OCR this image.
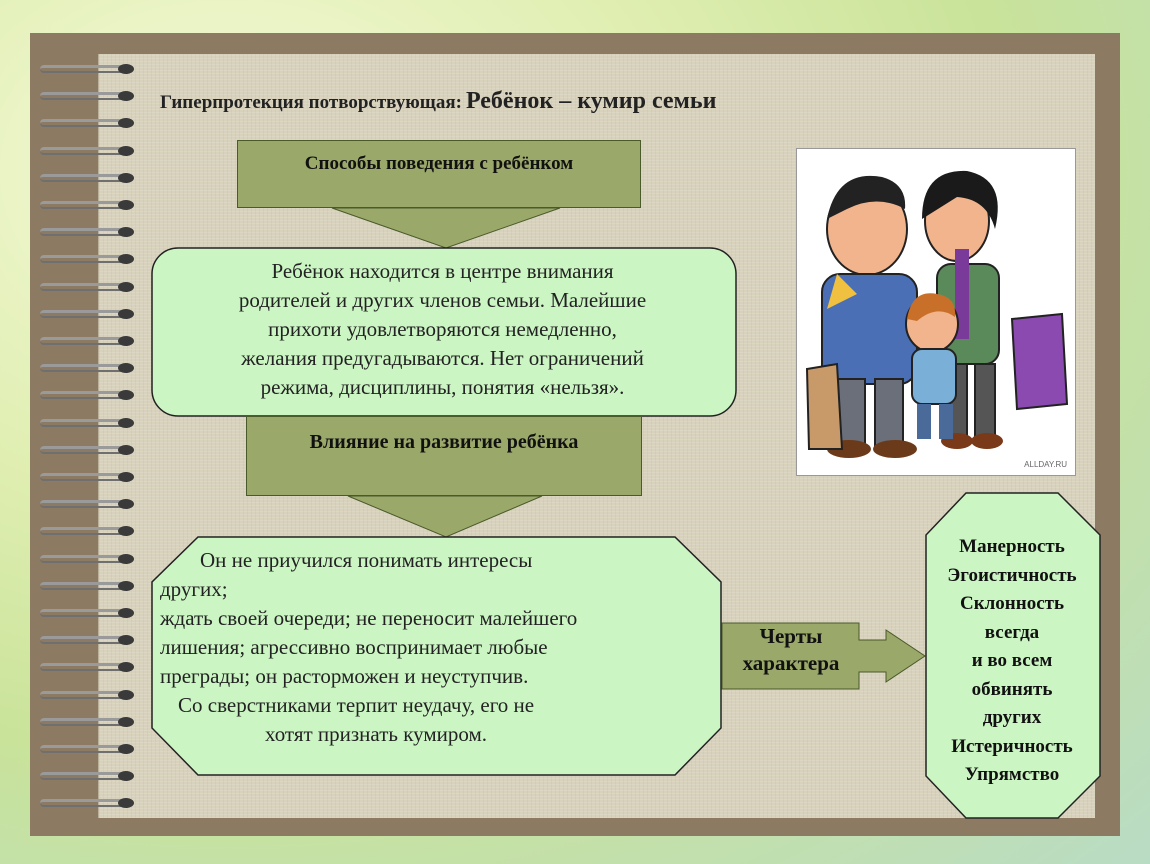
Гиперпротекция потворствующая: Ребёнок – кумир семьи
Способы поведения с ребёнком
Влияние на развитие ребёнка
Ребёнок находится в центре внимания
родителей и других членов семьи. Малейшие
прихоти удовлетворяются немедленно,
желания предугадываются. Нет ограничений
режима, дисциплины, понятия «нельзя».
Он не приучился понимать интересы
других;
ждать своей очереди; не переносит малейшего
лишения; агрессивно воспринимает любые
преграды; он расторможен и неуступчив.
Со сверстниками терпит неудачу, его не
хотят признать кумиром.
Черты
характера
Манерность
Эгоистичность
Склонность
всегда
и во всем
обвинять
других
Истеричность
Упрямство
ALLDAY.RU
